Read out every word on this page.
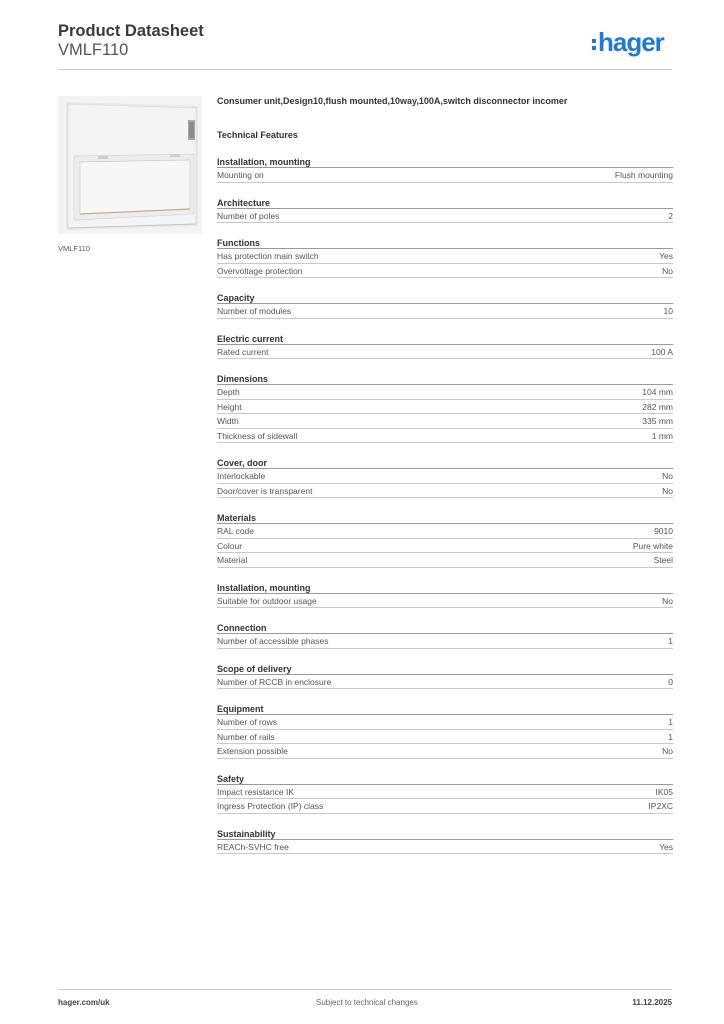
Product Datasheet
VMLF110	hager
VMLF110
Consumer unit,Design10,flush mounted,10way,100A,switch disconnector incomer
Technical Features
Installation, mounting
Mounting on	Flush mounting
Architecture
Number of poles	2
Functions
Has protection main switch	Yes
Overvoltage protection	No
Capacity
Number of modules	10
Electric current
Rated current	100 A
Dimensions
Depth	104 mm
Height	282 mm
Width	335 mm
Thickness of sidewall	1 mm
Cover, door
Interlockable	No
Door/cover is transparent	No
Materials
RAL code	9010
Colour	Pure white
Material	Steel
Installation, mounting
Suitable for outdoor usage	No
Connection
Number of accessible phases	1
Scope of delivery
Number of RCCB in enclosure	0
Equipment
Number of rows	1
Number of rails	1
Extension possible	No
Safety
Impact resistance IK	IK05
Ingress Protection (IP) class	IP2XC
Sustainability
REACh-SVHC free	Yes
hager.com/uk	Subject to technical changes	11.12.2025
